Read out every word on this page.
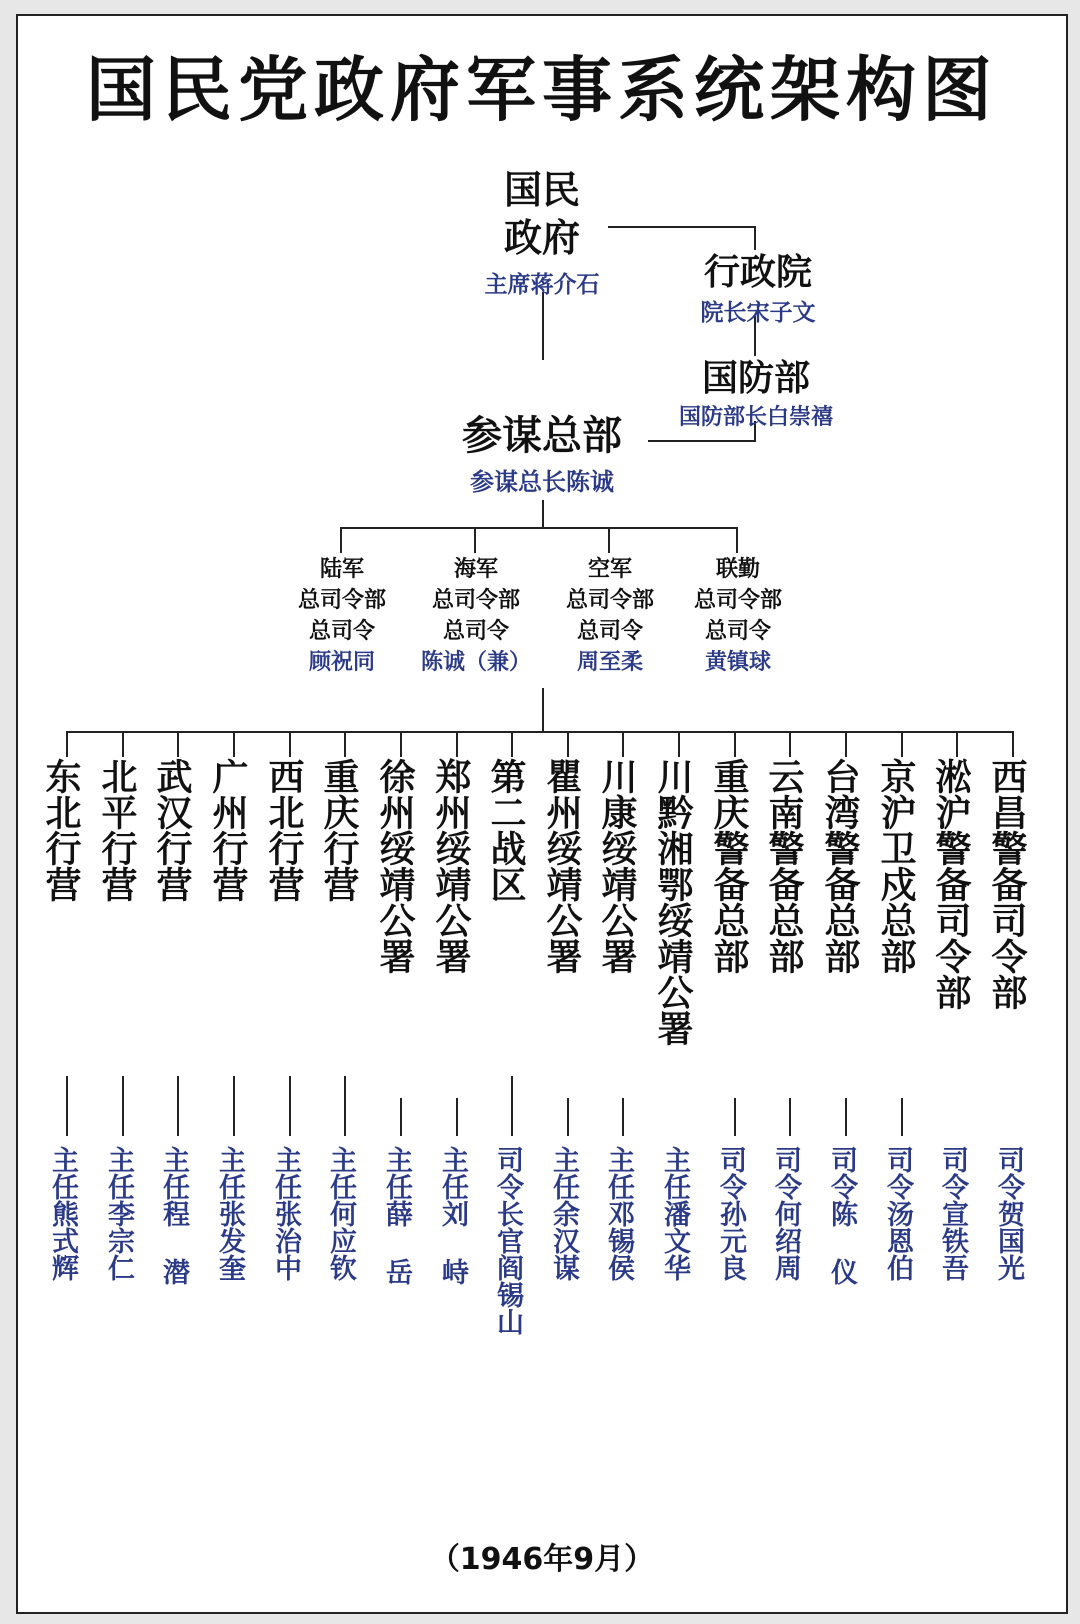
国民党政府军事系统架构图
国民
政府
主席蒋介石	行政院
院长宋子文
国防部
国防部长白崇禧
参谋总部
参谋总长陈诚
陆军
总司令部
总司令
顾祝同
海军
总司令部
总司令
陈诚（兼）
空军
总司令部
总司令
周至柔
联勤
总司令部
总司令
黄镇球
东北行营
主任熊式辉
北平行营
主任李宗仁
武汉行营
主任程 潜
广州行营
主任张发奎
西北行营
主任张治中
重庆行营
主任何应钦
徐州绥靖公署
主任薛 岳
郑州绥靖公署
主任刘 峙
第二战区
司令长官阎锡山
瞿州绥靖公署
主任余汉谋
川康绥靖公署
主任邓锡侯
川黔湘鄂绥靖公署
主任潘文华
重庆警备总部
司令孙元良
云南警备总部
司令何绍周
台湾警备总部
司令陈 仪
京沪卫戍总部
司令汤恩伯
淞沪警备司令部
司令宣铁吾
西昌警备司令部
司令贺国光
（1946年9月）
